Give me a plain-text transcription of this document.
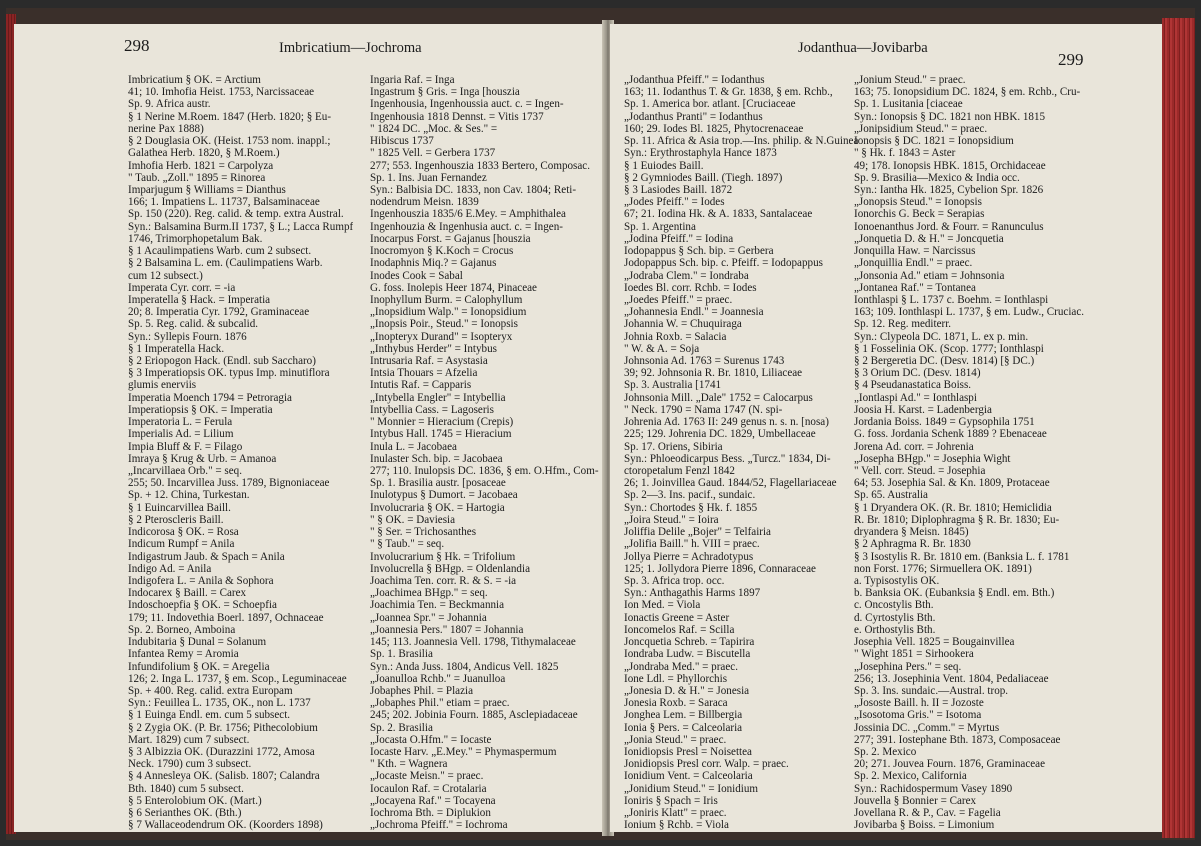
298	Imbricatium—Jochroma
Imbricatium § OK. = Arctium
41; 10. Imhofia Heist. 1753, Narcissaceae
Sp. 9. Africa austr.
§ 1 Nerine M.Roem. 1847 (Herb. 1820; § Eu-
nerine Pax 1888)
§ 2 Douglasia OK. (Heist. 1753 nom. inappl.;
Galathea Herb. 1820, § M.Roem.)
Imhofia Herb. 1821 = Carpolyza
" Taub. „Zoll." 1895 = Rinorea
Imparjugum § Williams = Dianthus
166; 1. Impatiens L. 11737, Balsaminaceae
Sp. 150 (220). Reg. calid. & temp. extra Austral.
Syn.: Balsamina Burm.II 1737, § L.; Lacca Rumpf
1746, Trimorphopetalum Bak.
§ 1 Acaulimpatiens Warb. cum 2 subsect.
§ 2 Balsamina L. em. (Caulimpatiens Warb.
cum 12 subsect.)
Imperata Cyr. corr. = -ia
Imperatella § Hack. = Imperatia
20; 8. Imperatia Cyr. 1792, Graminaceae
Sp. 5. Reg. calid. & subcalid.
Syn.: Syllepis Fourn. 1876
§ 1 Imperatella Hack.
§ 2 Eriopogon Hack. (Endl. sub Saccharo)
§ 3 Imperatiopsis OK. typus Imp. minutiflora
glumis enerviis
Imperatia Moench 1794 = Petroragia
Imperatiopsis § OK. = Imperatia
Imperatoria L. = Ferula
Imperialis Ad. = Lilium
Impia Bluff & F. = Filago
Imraya § Krug & Urb. = Amanoa
„Incarvillaea Orb." = seq.
255; 50. Incarvillea Juss. 1789, Bignoniaceae
Sp. + 12. China, Turkestan.
§ 1 Euincarvillea Baill.
§ 2 Pteroscleris Baill.
Indicorosa § OK. = Rosa
Indicum Rumpf = Anila
Indigastrum Jaub. & Spach = Anila
Indigo Ad. = Anila
Indigofera L. = Anila & Sophora
Indocarex § Baill. = Carex
Indoschoepfia § OK. = Schoepfia
179; 11. Indovethia Boerl. 1897, Ochnaceae
Sp. 2. Borneo, Amboina
Indubitaria § Dunal = Solanum
Infantea Remy = Aromia
Infundifolium § OK. = Aregelia
126; 2. Inga L. 1737, § em. Scop., Leguminaceae
Sp. + 400. Reg. calid. extra Europam
Syn.: Feuillea L. 1735, OK., non L. 1737
§ 1 Euinga Endl. em. cum 5 subsect.
§ 2 Zygia OK. (P. Br. 1756; Pithecolobium
Mart. 1829) cum 7 subsect.
§ 3 Albizzia OK. (Durazzini 1772, Amosa
Neck. 1790) cum 3 subsect.
§ 4 Annesleya OK. (Salisb. 1807; Calandra
Bth. 1840) cum 5 subsect.
§ 5 Enterolobium OK. (Mart.)
§ 6 Serianthes OK. (Bth.)
§ 7 Wallaceodendrum OK. (Koorders 1898)
Ingaria Raf. = Inga
Ingastrum § Gris. = Inga [houszia
Ingenhousia, Ingenhoussia auct. c. = Ingen-
Ingenhousia 1818 Dennst. = Vitis 1737
" 1824 DC. „Moc. & Ses." =
Hibiscus 1737
" 1825 Vell. = Gerbera 1737
277; 553. Ingenhouszia 1833 Bertero, Composac.
Sp. 1. Ins. Juan Fernandez
Syn.: Balbisia DC. 1833, non Cav. 1804; Reti-
nodendrum Meisn. 1839
Ingenhouszia 1835/6 E.Mey. = Amphithalea
Ingenhouzia & Ingenhusia auct. c. = Ingen-
Inocarpus Forst. = Gajanus [houszia
Inocromyon § K.Koch = Crocus
Inodaphnis Miq.? = Gajanus
Inodes Cook = Sabal
G. foss. Inolepis Heer 1874, Pinaceae
Inophyllum Burm. = Calophyllum
„Inopsidium Walp." = Ionopsidium
„Inopsis Poir., Steud." = Ionopsis
„Inopteryx Durand" = Isopteryx
„Inthybus Herder" = Intybus
Intrusaria Raf. = Asystasia
Intsia Thouars = Afzelia
Intutis Raf. = Capparis
„Intybella Engler" = Intybellia
Intybellia Cass. = Lagoseris
" Monnier = Hieracium (Crepis)
Intybus Hall. 1745 = Hieracium
Inula L. = Jacobaea
Inulaster Sch. bip. = Jacobaea
277; 110. Inulopsis DC. 1836, § em. O.Hfm., Com-
Sp. 1. Brasilia austr. [posaceae
Inulotypus § Dumort. = Jacobaea
Involucraria § OK. = Hartogia
" § OK. = Daviesia
" § Ser. = Trichosanthes
" § Taub." = seq.
Involucrarium § Hk. = Trifolium
Involucrella § BHgp. = Oldenlandia
Joachima Ten. corr. R. & S. = -ia
„Joachimea BHgp." = seq.
Joachimia Ten. = Beckmannia
„Joannea Spr." = Johannia
„Joannesia Pers." 1807 = Johannia
145; 113. Joannesia Vell. 1798, Tithymalaceae
Sp. 1. Brasilia
Syn.: Anda Juss. 1804, Andicus Vell. 1825
„Joanulloa Rchb." = Juanulloa
Jobaphes Phil. = Plazia
„Jobaphes Phil." etiam = praec.
245; 202. Jobinia Fourn. 1885, Asclepiadaceae
Sp. 2. Brasilia
„Jocasta O.Hfm." = Iocaste
Iocaste Harv. „E.Mey." = Phymaspermum
" Kth. = Wagnera
„Jocaste Meisn." = praec.
Iocaulon Raf. = Crotalaria
„Jocayena Raf." = Tocayena
Iochroma Bth. = Diplukion
„Jochroma Pfeiff." = Iochroma
Jodanthua—Jovibarba
299
„Jodanthua Pfeiff." = Iodanthus
163; 11. Iodanthus T. & Gr. 1838, § em. Rchb.,
Sp. 1. America bor. atlant. [Cruciaceae
„Jodanthus Pranti" = Iodanthus
160; 29. Iodes Bl. 1825, Phytocrenaceae
Sp. 11. Africa & Asia trop.—Ins. philip. & N.Guinea
Syn.: Erythrostaphyla Hance 1873
§ 1 Euiodes Baill.
§ 2 Gymniodes Baill. (Tiegh. 1897)
§ 3 Lasiodes Baill. 1872
„Jodes Pfeiff." = Iodes
67; 21. Iodina Hk. & A. 1833, Santalaceae
Sp. 1. Argentina
„Jodina Pfeiff." = Iodina
Iodopappus § Sch. bip. = Gerbera
Jodopappus Sch. bip. c. Pfeiff. = Iodopappus
„Jodraba Clem." = Iondraba
Ioedes Bl. corr. Rchb. = Iodes
„Joedes Pfeiff." = praec.
„Johannesia Endl." = Joannesia
Johannia W. = Chuquiraga
Johnia Roxb. = Salacia
" W. & A. = Soja
Johnsonia Ad. 1763 = Surenus 1743
39; 92. Johnsonia R. Br. 1810, Liliaceae
Sp. 3. Australia [1741
Johnsonia Mill. „Dale" 1752 = Calocarpus
" Neck. 1790 = Nama 1747 (N. spi-
Johrenia Ad. 1763 II: 249 genus n. s. n. [nosa)
225; 129. Johrenia DC. 1829, Umbellaceae
Sp. 17. Oriens, Sibiria
Syn.: Phloeodicarpus Bess. „Turcz." 1834, Di-
ctoropetalum Fenzl 1842
26; 1. Joinvillea Gaud. 1844/52, Flagellariaceae
Sp. 2—3. Ins. pacif., sundaic.
Syn.: Chortodes § Hk. f. 1855
„Joira Steud." = Ioira
Joliffia Delile „Bojer" = Telfairia
„Jolifia Baill." h. VIII = praec.
Jollya Pierre = Achradotypus
125; 1. Jollydora Pierre 1896, Connaraceae
Sp. 3. Africa trop. occ.
Syn.: Anthagathis Harms 1897
Ion Med. = Viola
Ionactis Greene = Aster
Ioncomelos Raf. = Scilla
Joncquetia Schreb. = Tapirira
Iondraba Ludw. = Biscutella
„Jondraba Med." = praec.
Ione Ldl. = Phyllorchis
„Jonesia D. & H." = Jonesia
Jonesia Roxb. = Saraca
Jonghea Lem. = Billbergia
Ionia § Pers. = Calceolaria
„Jonia Steud." = praec.
Ionidiopsis Presl = Noisettea
Jonidiopsis Presl corr. Walp. = praec.
Ionidium Vent. = Calceolaria
„Jonidium Steud." = Ionidium
Ioniris § Spach = Iris
„Joniris Klatt" = praec.
Ionium § Rchb. = Viola
„Jonium Steud." = praec.
163; 75. Ionopsidium DC. 1824, § em. Rchb., Cru-
Sp. 1. Lusitania [ciaceae
Syn.: Ionopsis § DC. 1821 non HBK. 1815
„Jonipsidium Steud." = praec.
Ionopsis § DC. 1821 = Ionopsidium
" § Hk. f. 1843 = Aster
49; 178. Ionopsis HBK. 1815, Orchidaceae
Sp. 9. Brasilia—Mexico & India occ.
Syn.: Iantha Hk. 1825, Cybelion Spr. 1826
„Jonopsis Steud." = Ionopsis
Ionorchis G. Beck = Serapias
Ionoenanthus Jord. & Fourr. = Ranunculus
„Jonquetia D. & H." = Joncquetia
Jonquilla Haw. = Narcissus
„Jonquillia Endl." = praec.
„Jonsonia Ad." etiam = Johnsonia
„Jontanea Raf." = Tontanea
Ionthlaspi § L. 1737 c. Boehm. = Ionthlaspi
163; 109. Ionthlaspi L. 1737, § em. Ludw., Cruciac.
Sp. 12. Reg. mediterr.
Syn.: Clypeola DC. 1871, L. ex p. min.
§ 1 Fosselinia OK. (Scop. 1777; Ionthlaspi
§ 2 Bergeretia DC. (Desv. 1814) [§ DC.)
§ 3 Orium DC. (Desv. 1814)
§ 4 Pseudanastatica Boiss.
„Iontlaspi Ad." = Ionthlaspi
Joosia H. Karst. = Ladenbergia
Jordania Boiss. 1849 = Gypsophila 1751
G. foss. Jordania Schenk 1889 ? Ebenaceae
Jorena Ad. corr. = Johrenia
„Josepha BHgp." = Josephia Wight
" Vell. corr. Steud. = Josephia
64; 53. Josephia Sal. & Kn. 1809, Protaceae
Sp. 65. Australia
§ 1 Dryandera OK. (R. Br. 1810; Hemiclidia
R. Br. 1810; Diplophragma § R. Br. 1830; Eu-
dryandera § Meisn. 1845)
§ 2 Aphragma R. Br. 1830
§ 3 Isostylis R. Br. 1810 em. (Banksia L. f. 1781
non Forst. 1776; Sirmuellera OK. 1891)
a. Typisostylis OK.
b. Banksia OK. (Eubanksia § Endl. em. Bth.)
c. Oncostylis Bth.
d. Cyrtostylis Bth.
e. Orthostylis Bth.
Josephia Vell. 1825 = Bougainvillea
" Wight 1851 = Sirhookera
„Josephina Pers." = seq.
256; 13. Josephinia Vent. 1804, Pedaliaceae
Sp. 3. Ins. sundaic.—Austral. trop.
„Jososte Baill. h. II = Jozoste
„Isosotoma Gris." = Isotoma
Jossinia DC. „Comm." = Myrtus
277; 391. Iostephane Bth. 1873, Composaceae
Sp. 2. Mexico
20; 271. Jouvea Fourn. 1876, Graminaceae
Sp. 2. Mexico, California
Syn.: Rachidospermum Vasey 1890
Jouvella § Bonnier = Carex
Jovellana R. & P., Cav. = Fagelia
Jovibarba § Boiss. = Limonium
